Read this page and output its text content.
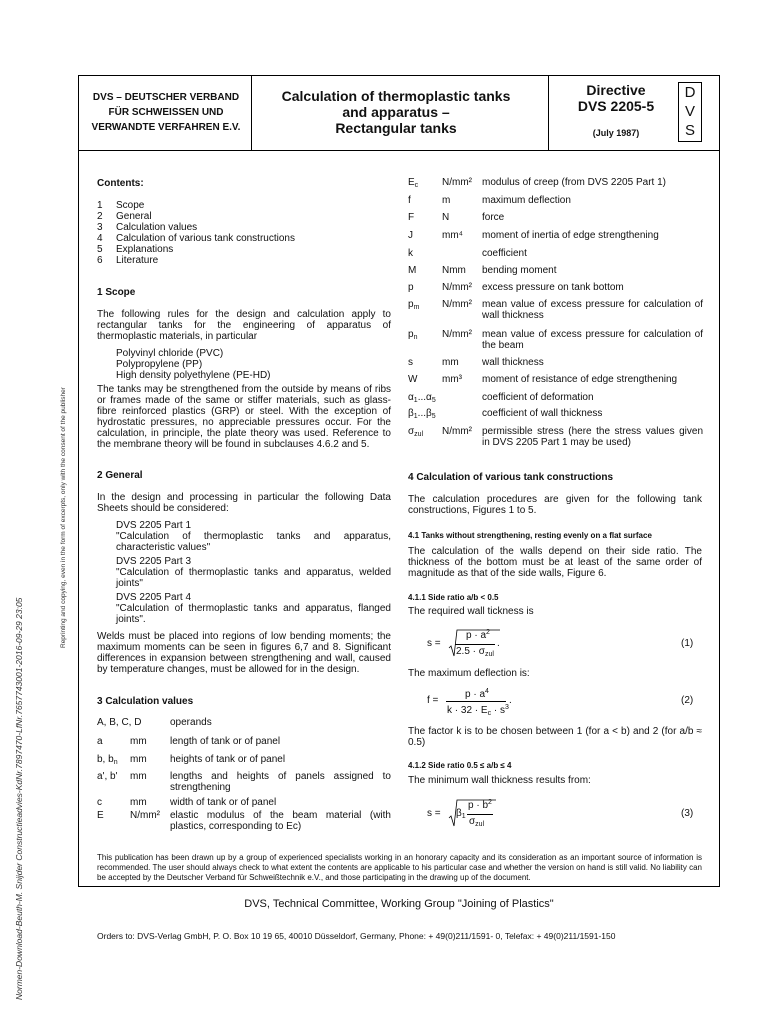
Reprinting and copying, even in the form of excerpts, only with the consent of the publisher
Normen-Download-Beuth-M. Snijder Constructieadvies-KdNr.7897470-LfNr.7657743001-2016-09-29 23:05
DVS – DEUTSCHER VERBAND
FÜR SCHWEISSEN UND
VERWANDTE VERFAHREN E.V.
Calculation of thermoplastic tanks
and apparatus –
Rectangular tanks
Directive
DVS 2205-5
(July 1987)
D
V
S
Contents:
1 Scope
2 General
3 Calculation values
4 Calculation of various tank constructions
5 Explanations
6 Literature
1 Scope
The following rules for the design and calculation apply to rectangular tanks for the engineering of apparatus of thermoplastic materials, in particular
Polyvinyl chloride (PVC)
Polypropylene (PP)
High density polyethylene (PE-HD)
The tanks may be strengthened from the outside by means of ribs or frames made of the same or stiffer materials, such as glass-fibre reinforced plastics (GRP) or steel. With the exception of hydrostatic pressures, no appreciable pressures occur. For the calculation, in principle, the plate theory was used. Reference to the membrane theory will be found in subclauses 4.6.2 and 5.
2 General
In the design and processing in particular the following Data Sheets should be considered:
DVS 2205 Part 1
"Calculation of thermoplastic tanks and apparatus, characteristic values"
DVS 2205 Part 3
"Calculation of thermoplastic tanks and apparatus, welded joints"
DVS 2205 Part 4
"Calculation of thermoplastic tanks and apparatus, flanged joints".
Welds must be placed into regions of low bending moments; the maximum moments can be seen in figures 6,7 and 8. Significant differences in expansion between strengthening and wall, caused by temperature changes, must be allowed for in the design.
3 Calculation values
A, B, C, D	operands
a	mm length of tank or of panel
b, $b_n$ mm heights of tank or of panel
a', b' mm lengths and heights of panels assigned to strengthening
c	mm width of tank or of panel
E	N/mm² elastic modulus of the beam material (with plastics, corresponding to Ec)
$E_c$ N/mm² modulus of creep (from DVS 2205 Part 1)
f	m	maximum deflection
F	N	force
J	mm⁴ moment of inertia of edge strengthening
k	coefficient
M	Nmm bending moment
p	N/mm² excess pressure on tank bottom
$p_m$ N/mm² mean value of excess pressure for calculation of wall thickness
$p_n$ N/mm² mean value of excess pressure for calculation of the beam
s	mm wall thickness
W mm³ moment of resistance of edge strengthening
$\alpha_1...\alpha_5$	coefficient of deformation
$\beta_1...\beta_5$	coefficient of wall thickness
$\sigma_{zul}$ N/mm² permissible stress (here the stress values given in DVS 2205 Part 1 may be used)
4 Calculation of various tank constructions
The calculation procedures are given for the following tank constructions, Figures 1 to 5.
4.1 Tanks without strengthening, resting evenly on a flat surface
The calculation of the walls depend on their side ratio. The thickness of the bottom must be at least of the same order of magnitude as that of the side walls, Figure 6.
4.1.1 Side ratio a/b < 0.5
The required wall tickness is
s =
$p \cdot a^2$
$2.5 \cdot \sigma_{zul}$
.	(1)
The maximum deflection is:
f =
$p \cdot a^4$
$k \cdot 32 \cdot E_c \cdot s^3$
.	(2)
The factor k is to be chosen between 1 (for a < b) and 2 (for a/b ≈ 0.5)
4.1.2 Side ratio 0.5 ≤ a/b ≤ 4
The minimum wall thickness results from:
$s = \beta_1$
$p \cdot b^2$
$\sigma_{zul}$
(3)
This publication has been drawn up by a group of experienced specialists working in an honorary capacity and its consideration as an important source of information is recommended. The user should always check to what extent the contents are applicable to his particular case and whether the version on hand is still valid. No liability can be accepted by the Deutscher Verband für Schweißtechnik e.V., and those participating in the drawing up of the document.
DVS, Technical Committee, Working Group "Joining of Plastics"
Orders to: DVS-Verlag GmbH, P. O. Box 10 19 65, 40010 Düsseldorf, Germany, Phone: + 49(0)211/1591- 0, Telefax: + 49(0)211/1591-150
